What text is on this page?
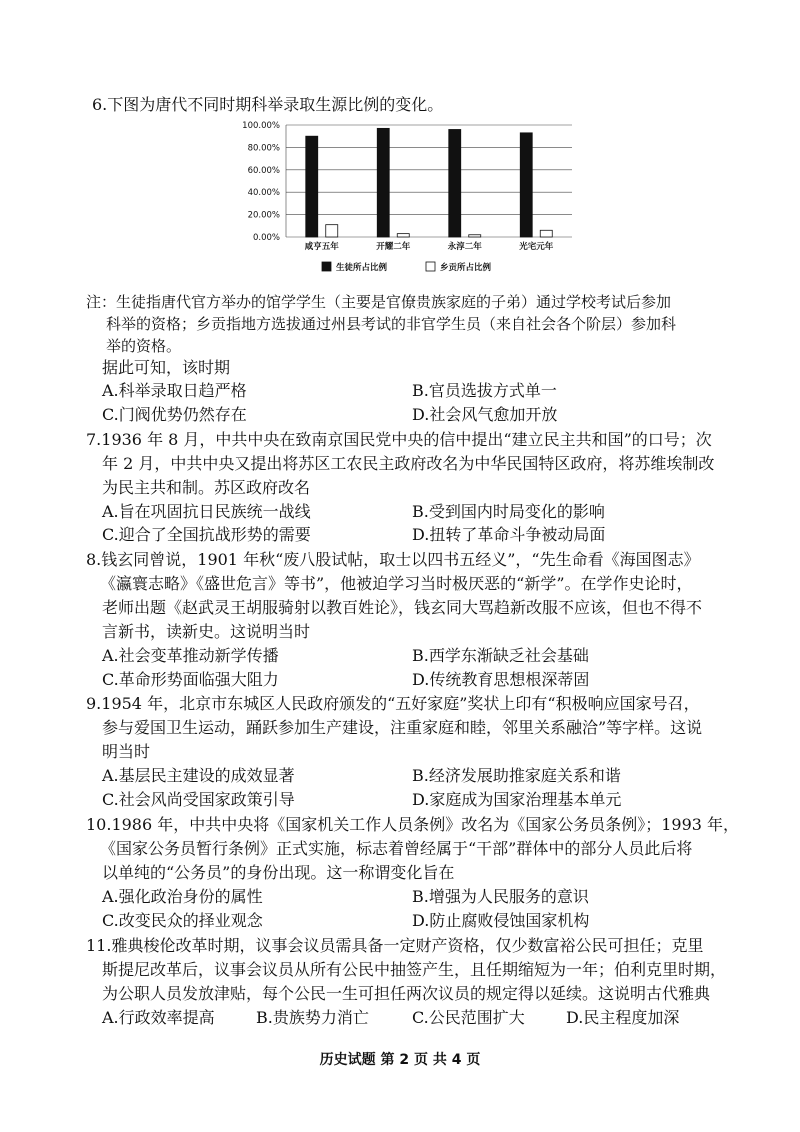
6.下图为唐代不同时期科举录取生源比例的变化。
0.00%
20.00%
40.00%
60.00%
80.00%
100.00%
咸亨五年	开耀二年	永淳二年	光宅元年
生徒所占比例	乡贡所占比例
注：生徒指唐代官方举办的馆学学生（主要是官僚贵族家庭的子弟）通过学校考试后参加
科举的资格；乡贡指地方选拔通过州县考试的非官学生员（来自社会各个阶层）参加科
举的资格。
据此可知，该时期
A.科举录取日趋严格	B.官员选拔方式单一
C.门阀优势仍然存在	D.社会风气愈加开放
7.1936 年 8 月，中共中央在致南京国民党中央的信中提出“建立民主共和国”的口号；次
年 2 月，中共中央又提出将苏区工农民主政府改名为中华民国特区政府，将苏维埃制改
为民主共和制。苏区政府改名
A.旨在巩固抗日民族统一战线	B.受到国内时局变化的影响
C.迎合了全国抗战形势的需要	D.扭转了革命斗争被动局面
8.钱玄同曾说，1901 年秋“废八股试帖，取士以四书五经义”，“先生命看《海国图志》
《瀛寰志略》《盛世危言》等书”，他被迫学习当时极厌恶的“新学”。在学作史论时，
老师出题《赵武灵王胡服骑射以教百姓论》，钱玄同大骂趋新改服不应该，但也不得不
言新书，读新史。这说明当时
A.社会变革推动新学传播	B.西学东渐缺乏社会基础
C.革命形势面临强大阻力	D.传统教育思想根深蒂固
9.1954 年，北京市东城区人民政府颁发的“五好家庭”奖状上印有“积极响应国家号召，
参与爱国卫生运动，踊跃参加生产建设，注重家庭和睦，邻里关系融洽”等字样。这说
明当时
A.基层民主建设的成效显著	B.经济发展助推家庭关系和谐
C.社会风尚受国家政策引导	D.家庭成为国家治理基本单元
10.1986 年，中共中央将《国家机关工作人员条例》改名为《国家公务员条例》；1993 年，
《国家公务员暂行条例》正式实施，标志着曾经属于“干部”群体中的部分人员此后将
以单纯的“公务员”的身份出现。这一称谓变化旨在
A.强化政治身份的属性	B.增强为人民服务的意识
C.改变民众的择业观念	D.防止腐败侵蚀国家机构
11.雅典梭伦改革时期，议事会议员需具备一定财产资格，仅少数富裕公民可担任；克里
斯提尼改革后，议事会议员从所有公民中抽签产生，且任期缩短为一年；伯利克里时期，
为公职人员发放津贴，每个公民一生可担任两次议员的规定得以延续。这说明古代雅典
A.行政效率提高	B.贵族势力消亡	C.公民范围扩大	D.民主程度加深
历史试题 第 2 页 共 4 页
